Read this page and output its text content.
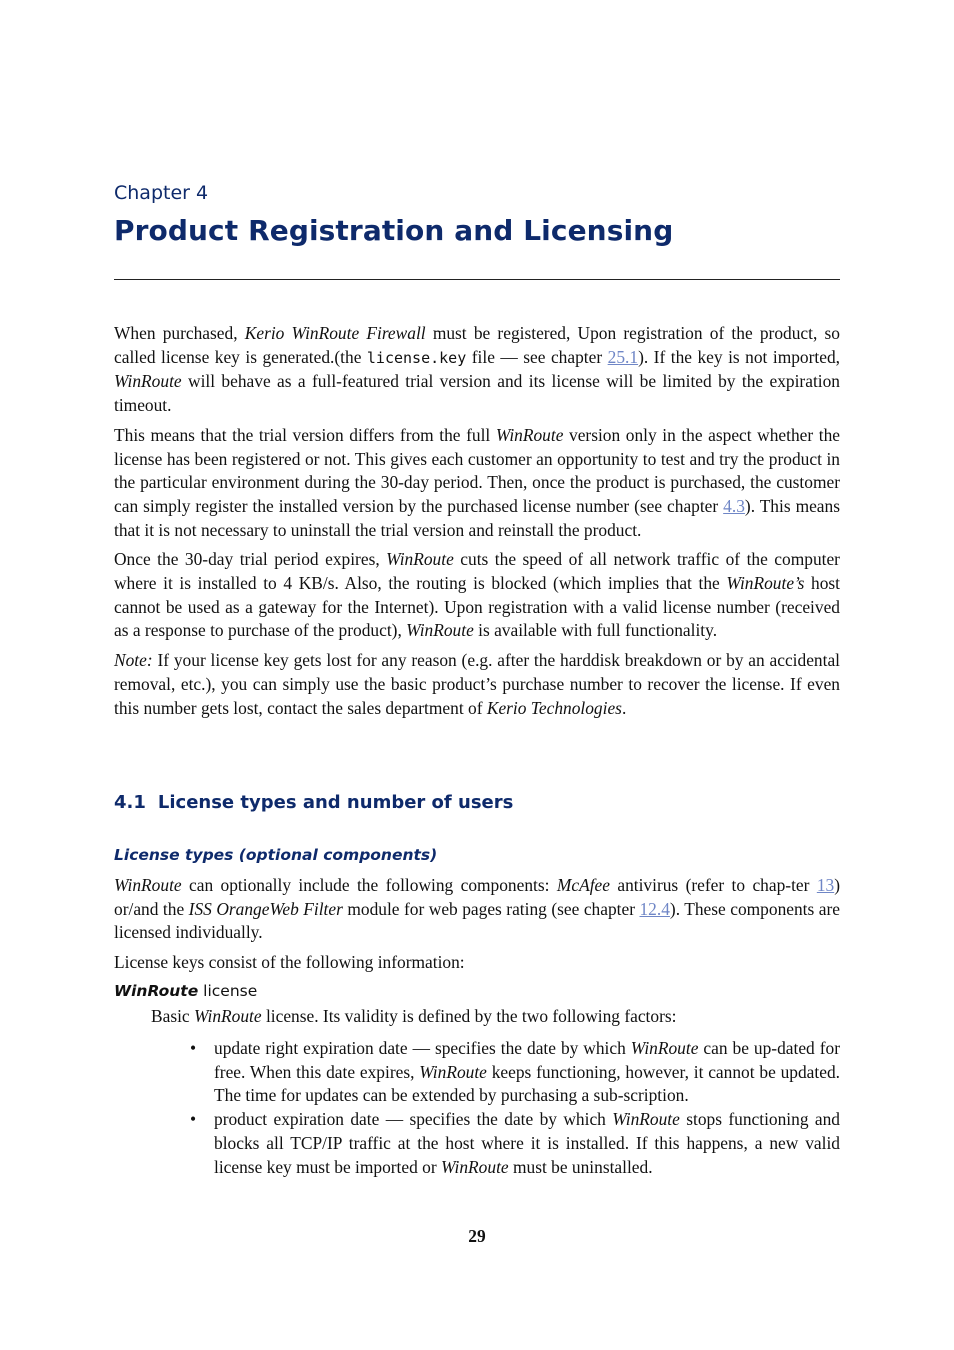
Chapter 4
Product Registration and Licensing

When purchased, Kerio WinRoute Firewall must be registered, Upon registration of the product, so called license key is generated.(the license.key file — see chapter 25.1). If the key is not imported, WinRoute will behave as a full-featured trial version and its license will be limited by the expiration timeout.

This means that the trial version differs from the full WinRoute version only in the aspect whether the license has been registered or not. This gives each customer an opportunity to test and try the product in the particular environment during the 30-day period. Then, once the product is purchased, the customer can simply register the installed version by the purchased license number (see chapter 4.3). This means that it is not necessary to uninstall the trial version and reinstall the product.

Once the 30-day trial period expires, WinRoute cuts the speed of all network traffic of the computer where it is installed to 4 KB/s. Also, the routing is blocked (which implies that the WinRoute’s host cannot be used as a gateway for the Internet). Upon registration with a valid license number (received as a response to purchase of the product), WinRoute is available with full functionality.

Note: If your license key gets lost for any reason (e.g. after the harddisk breakdown or by an accidental removal, etc.), you can simply use the basic product’s purchase number to recover the license. If even this number gets lost, contact the sales department of Kerio Technologies.

4.1 License types and number of users
License types (optional components)

WinRoute can optionally include the following components: McAfee antivirus (refer to chap-ter 13) or/and the ISS OrangeWeb Filter module for web pages rating (see chapter 12.4). These components are licensed individually.

License keys consist of the following information:

WinRoute license
Basic WinRoute license. Its validity is defined by the two following factors:
• update right expiration date — specifies the date by which WinRoute can be up-dated for free. When this date expires, WinRoute keeps functioning, however, it cannot be updated. The time for updates can be extended by purchasing a sub-scription.
• product expiration date — specifies the date by which WinRoute stops functioning and blocks all TCP/IP traffic at the host where it is installed. If this happens, a new valid license key must be imported or WinRoute must be uninstalled.
29
